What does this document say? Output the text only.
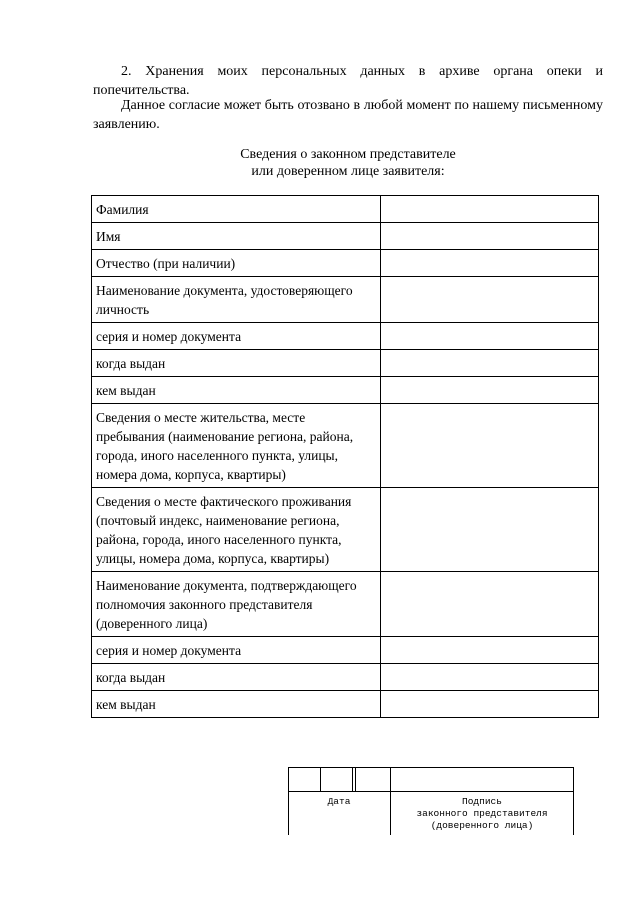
2. Хранения моих персональных данных в архиве органа опеки и попечительства.

Данное согласие может быть отозвано в любой момент по нашему письменному заявлению.

Сведения о законном представителе
или доверенном лице заявителя:
Фамилия	
Имя	
Отчество (при наличии)	
Наименование документа, удостоверяющего личность	
серия и номер документа	
когда выдан	
кем выдан	
Сведения о месте жительства, месте пребывания (наименование региона, района, города, иного населенного пункта, улицы, номера дома, корпуса, квартиры)	
Сведения о месте фактического проживания (почтовый индекс, наименование региона, района, города, иного населенного пункта, улицы, номера дома, корпуса, квартиры)	
Наименование документа, подтверждающего полномочия законного представителя (доверенного лица)	
серия и номер документа	
когда выдан	
кем выдан	
Дата	Подпись
законного представителя
(доверенного лица)
